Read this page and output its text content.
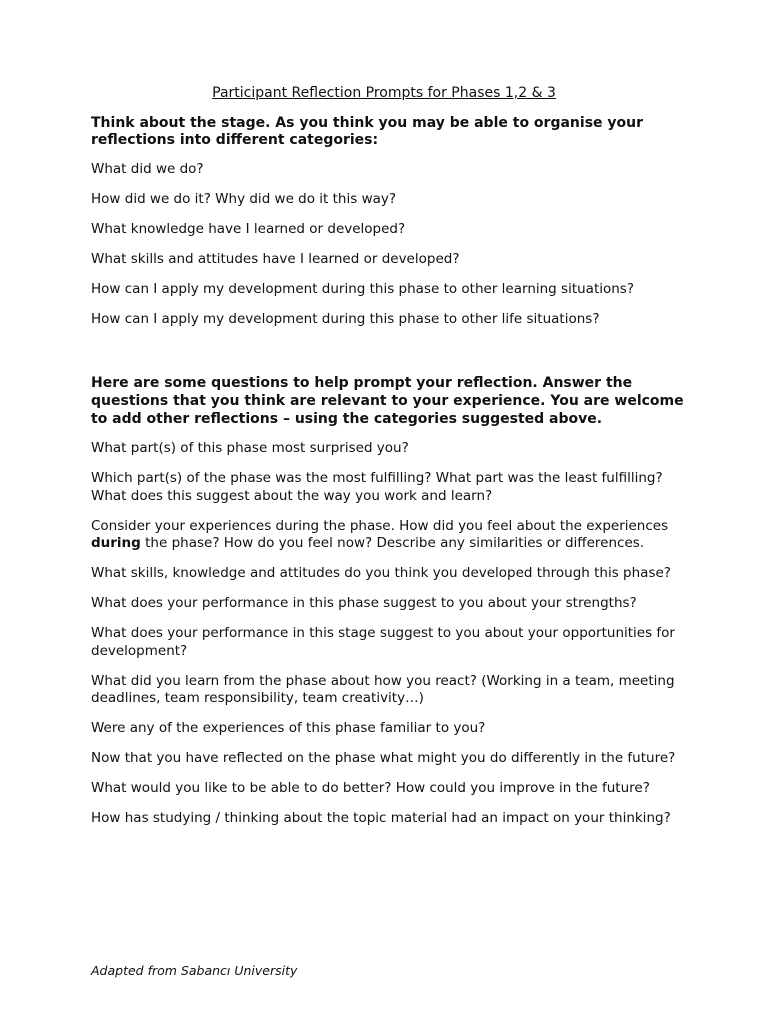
Participant Reflection Prompts for Phases 1,2 & 3

Think about the stage. As you think you may be able to organise your reflections into different categories:

What did we do?

How did we do it? Why did we do it this way?

What knowledge have I learned or developed?

What skills and attitudes have I learned or developed?

How can I apply my development during this phase to other learning situations?

How can I apply my development during this phase to other life situations?

Here are some questions to help prompt your reflection. Answer the questions that you think are relevant to your experience. You are welcome to add other reflections – using the categories suggested above.

What part(s) of this phase most surprised you?

Which part(s) of the phase was the most fulfilling? What part was the least fulfilling? What does this suggest about the way you work and learn?

Consider your experiences during the phase. How did you feel about the experiences during the phase? How do you feel now? Describe any similarities or differences.

What skills, knowledge and attitudes do you think you developed through this phase?

What does your performance in this phase suggest to you about your strengths?

What does your performance in this stage suggest to you about your opportunities for development?

What did you learn from the phase about how you react? (Working in a team, meeting deadlines, team responsibility, team creativity…)

Were any of the experiences of this phase familiar to you?

Now that you have reflected on the phase what might you do differently in the future?

What would you like to be able to do better? How could you improve in the future?

How has studying / thinking about the topic material had an impact on your thinking?

Adapted from Sabancı University
